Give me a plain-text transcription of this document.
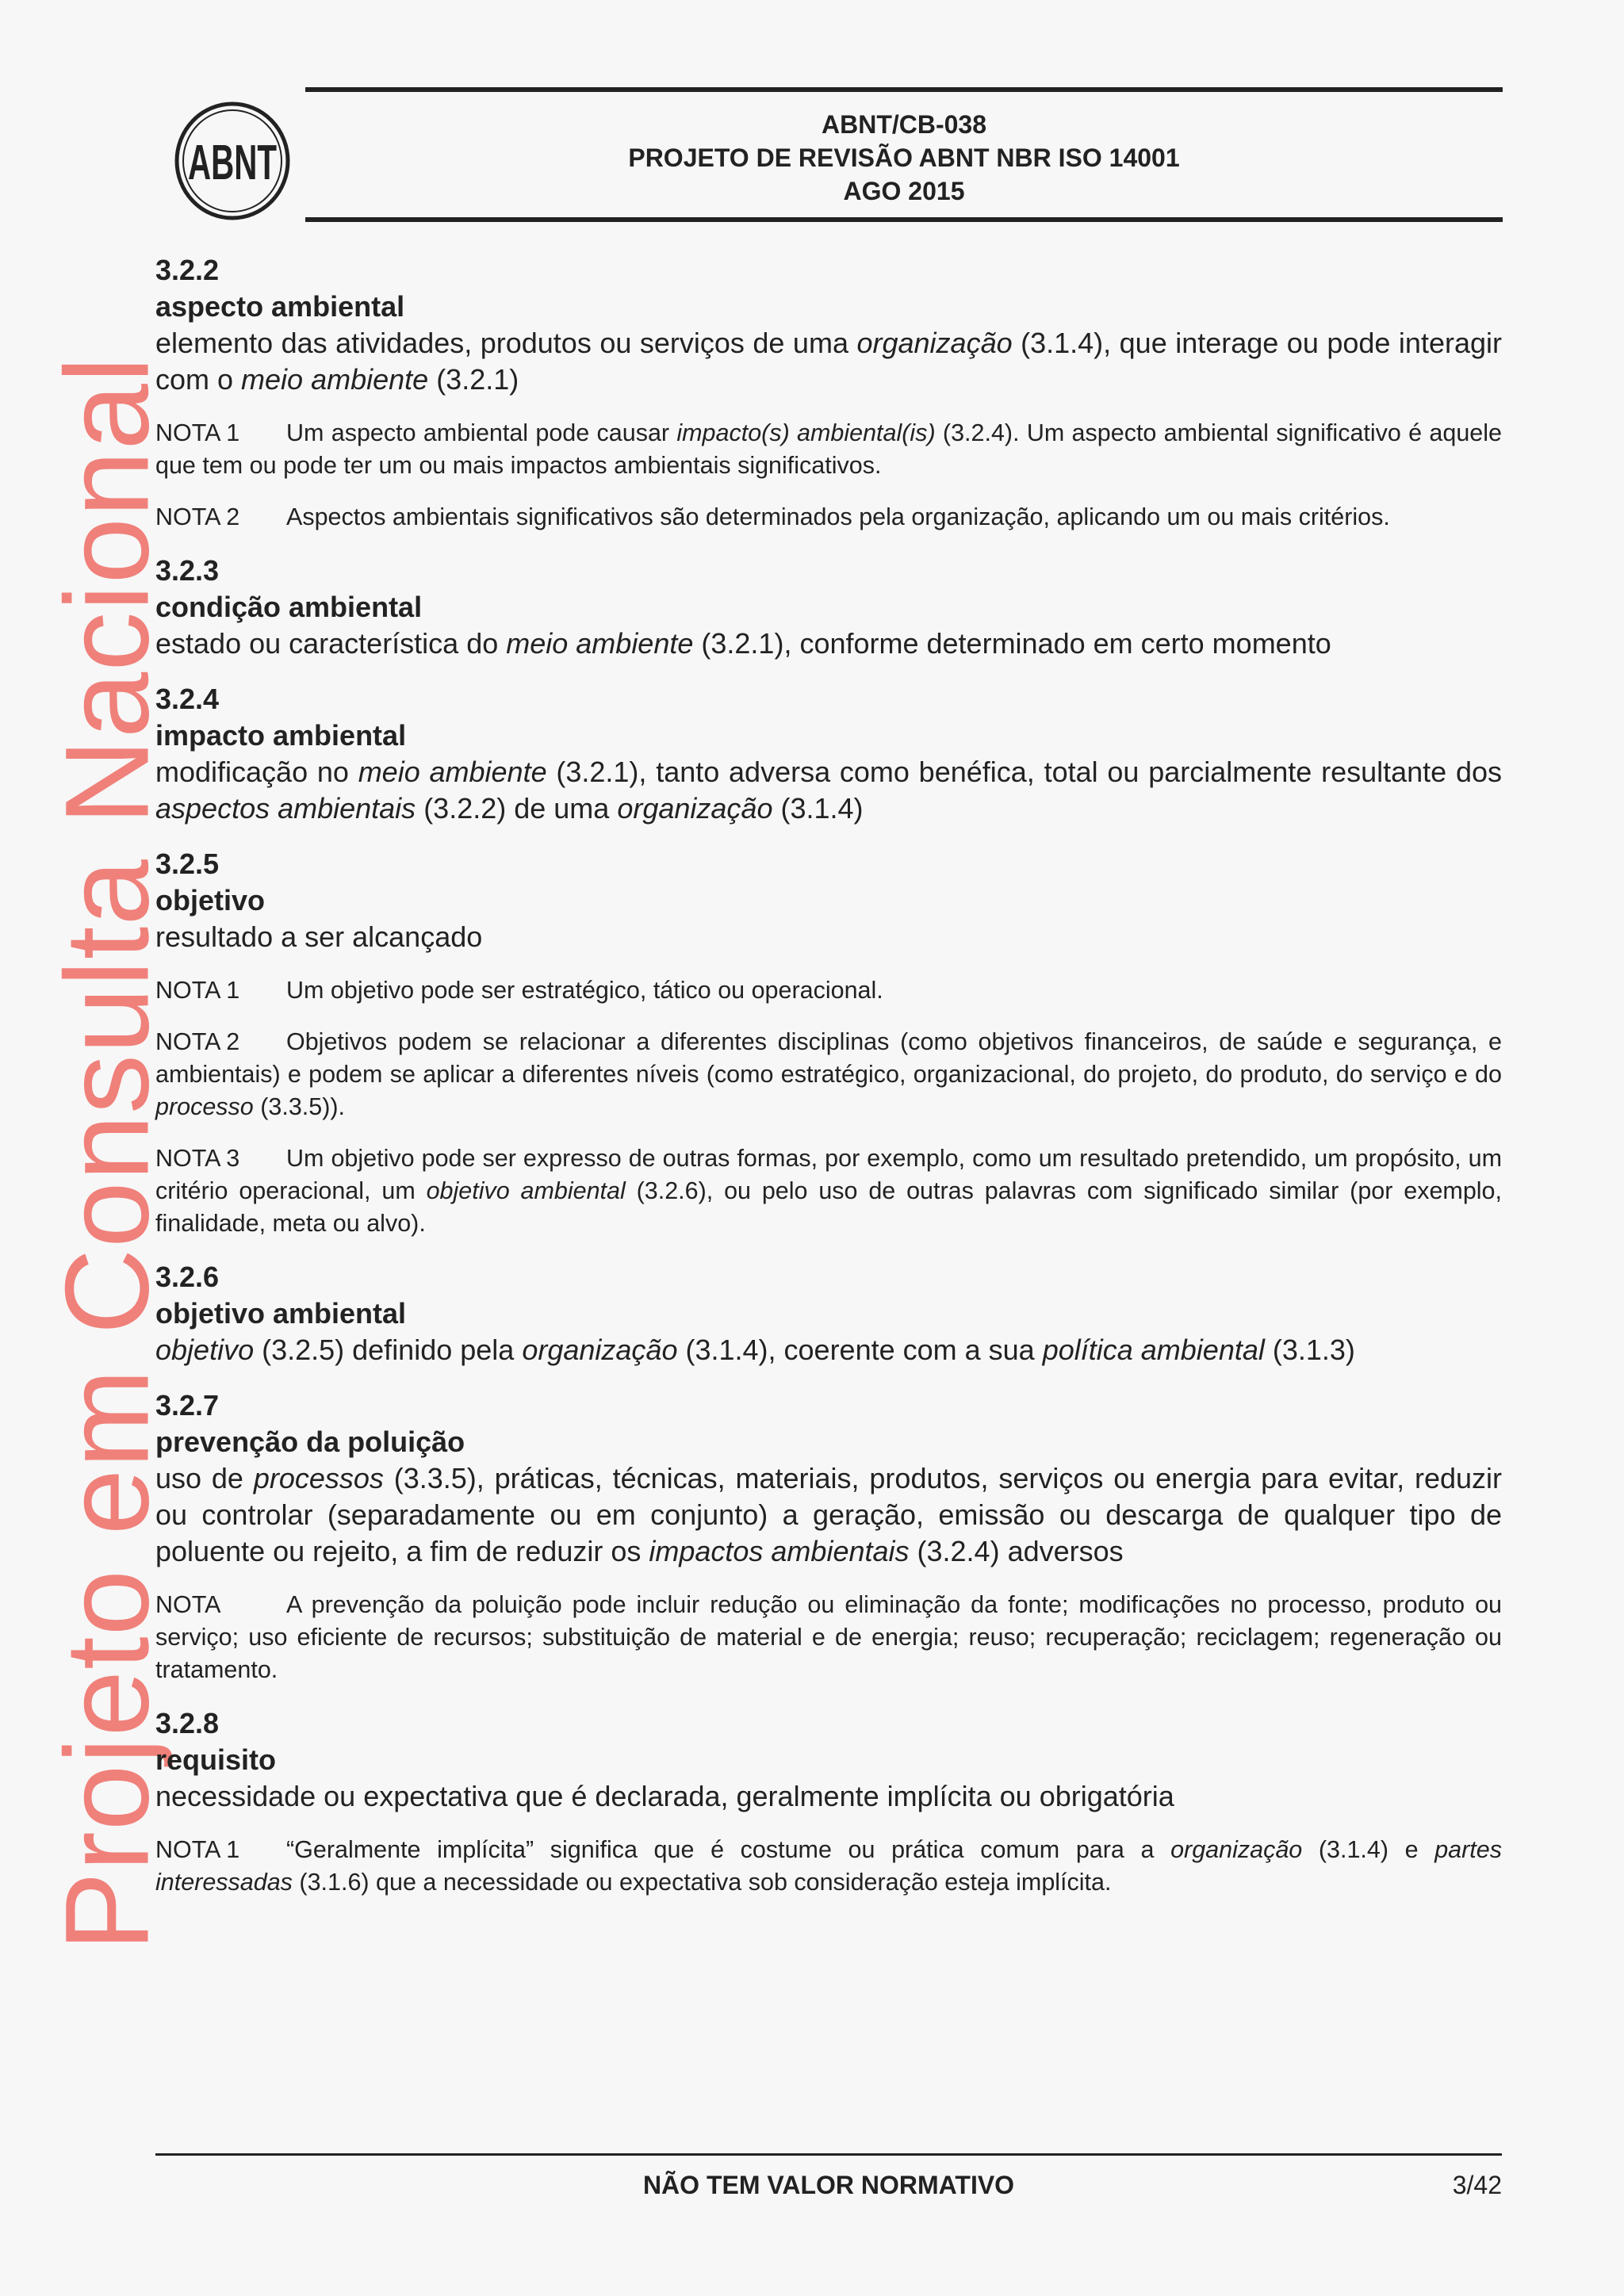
ABNT
ABNT/CB-038
PROJETO DE REVISÃO ABNT NBR ISO 14001
AGO 2015
Projeto em Consulta Nacional

3.2.2

aspecto ambiental

elemento das atividades, produtos ou serviços de uma organização (3.1.4), que interage ou pode interagir com o meio ambiente (3.2.1)

NOTA 1 Um aspecto ambiental pode causar impacto(s) ambiental(is) (3.2.4). Um aspecto ambiental significativo é aquele que tem ou pode ter um ou mais impactos ambientais significativos.

NOTA 2 Aspectos ambientais significativos são determinados pela organização, aplicando um ou mais critérios.

3.2.3

condição ambiental

estado ou característica do meio ambiente (3.2.1), conforme determinado em certo momento

3.2.4

impacto ambiental

modificação no meio ambiente (3.2.1), tanto adversa como benéfica, total ou parcialmente resultante dos aspectos ambientais (3.2.2) de uma organização (3.1.4)

3.2.5

objetivo

resultado a ser alcançado

NOTA 1 Um objetivo pode ser estratégico, tático ou operacional.

NOTA 2 Objetivos podem se relacionar a diferentes disciplinas (como objetivos financeiros, de saúde e segurança, e ambientais) e podem se aplicar a diferentes níveis (como estratégico, organizacional, do projeto, do produto, do serviço e do processo (3.3.5)).

NOTA 3 Um objetivo pode ser expresso de outras formas, por exemplo, como um resultado pretendido, um propósito, um critério operacional, um objetivo ambiental (3.2.6), ou pelo uso de outras palavras com significado similar (por exemplo, finalidade, meta ou alvo).

3.2.6

objetivo ambiental

objetivo (3.2.5) definido pela organização (3.1.4), coerente com a sua política ambiental (3.1.3)

3.2.7

prevenção da poluição

uso de processos (3.3.5), práticas, técnicas, materiais, produtos, serviços ou energia para evitar, reduzir ou controlar (separadamente ou em conjunto) a geração, emissão ou descarga de qualquer tipo de poluente ou rejeito, a fim de reduzir os impactos ambientais (3.2.4) adversos

NOTA	A prevenção da poluição pode incluir redução ou eliminação da fonte; modificações no processo, produto ou serviço; uso eficiente de recursos; substituição de material e de energia; reuso; recuperação; reciclagem; regeneração ou tratamento.

3.2.8

requisito

necessidade ou expectativa que é declarada, geralmente implícita ou obrigatória

NOTA 1 “Geralmente implícita” significa que é costume ou prática comum para a organização (3.1.4) e partes interessadas (3.1.6) que a necessidade ou expectativa sob consideração esteja implícita.

NÃO TEM VALOR NORMATIVO	3/42
